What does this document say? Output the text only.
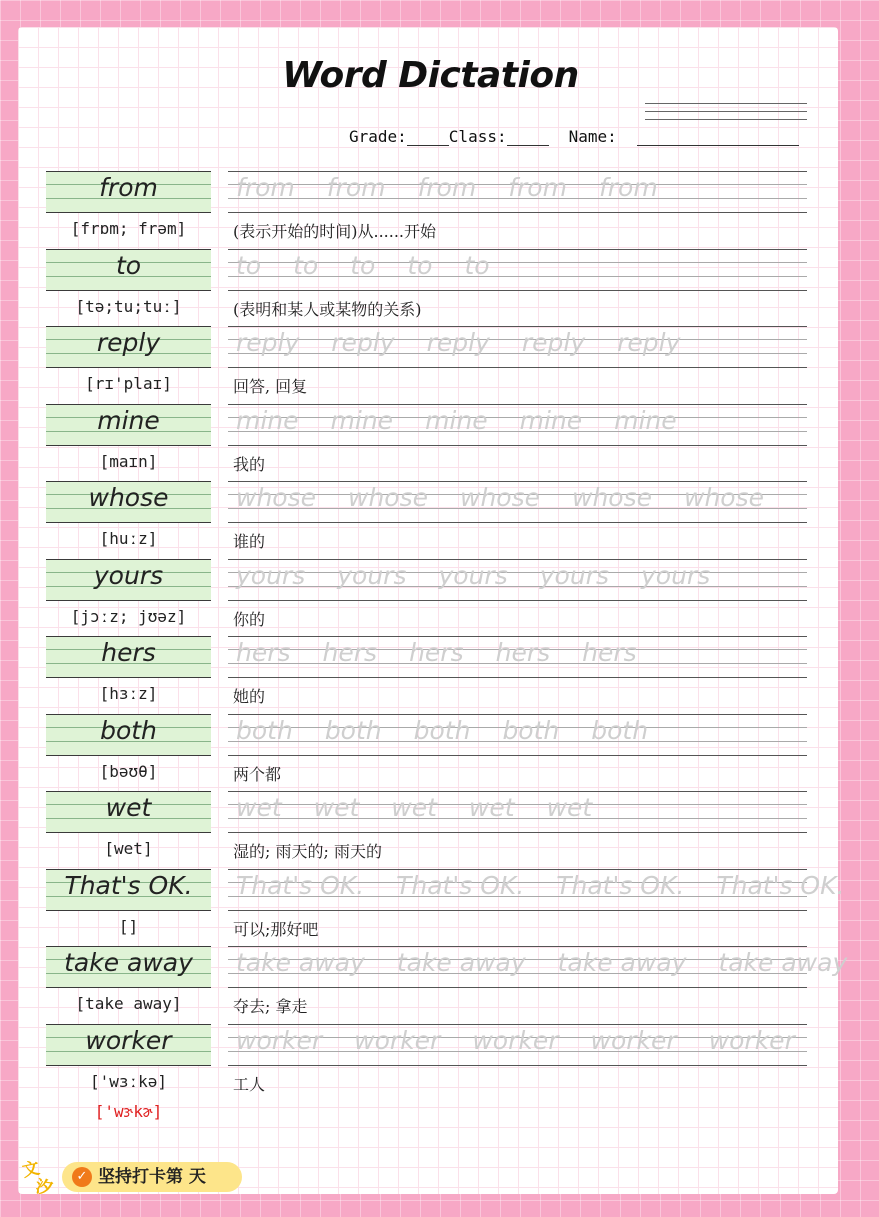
Word Dictation
Grade:	Class:	Name:
from	from from from from from
[frɒm; frəm]	(表示开始的时间)从......开始
to	to to to to to
[tə;tu;tuː]	(表明和某人或某物的关系)
reply	reply reply reply reply reply
[rɪ'plaɪ]	回答, 回复
mine	mine mine mine mine mine
[maɪn]	我的
whose	whose whose whose whose whose
[huːz]	谁的
yours	yours yours yours yours yours
[jɔːz; jʊəz]	你的
hers	hers hers hers hers hers
[hɜːz]	她的
both	both both both both both
[bəʊθ]	两个都
wet	wet wet wet wet wet
[wet]	湿的; 雨天的; 雨天的
That's OK.	That's OK. That's OK. That's OK. That's OK.
[]	可以;那好吧
take away	take away take away take away take away
[take away]	夺去; 拿走
worker	worker worker worker worker worker
['wɜːkə]	工人
['wɝkɚ]
文
汐
✓ 坚持打卡第 天
